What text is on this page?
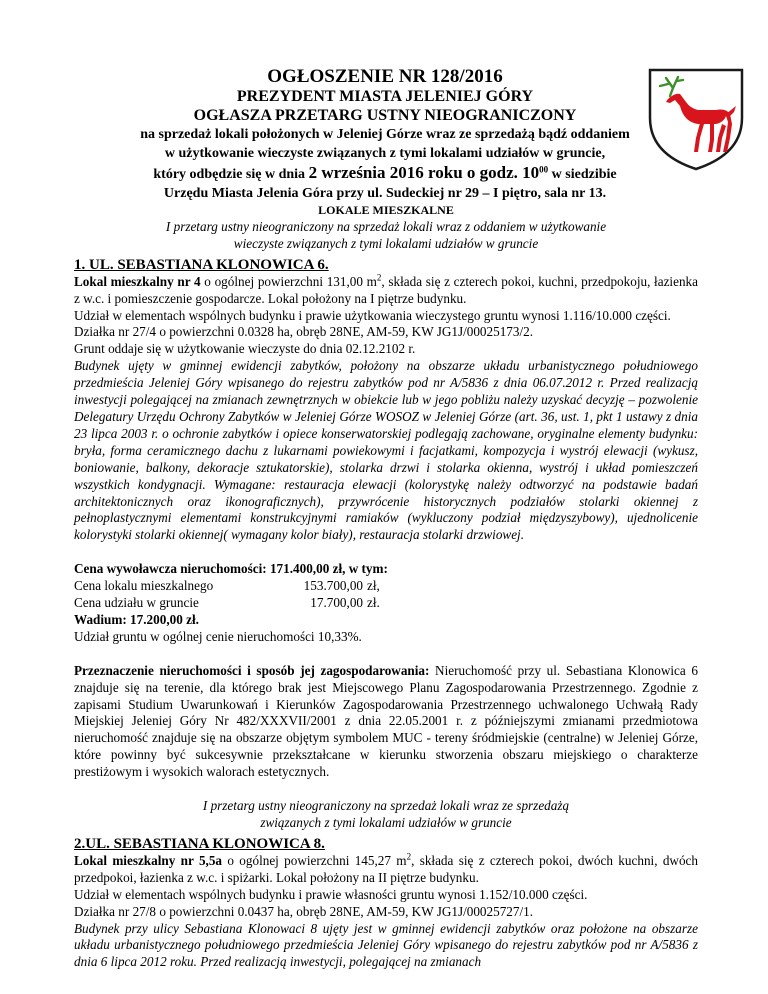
OGŁOSZENIE NR 128/2016

PREZYDENT MIASTA JELENIEJ GÓRY

OGŁASZA PRZETARG USTNY NIEOGRANICZONY

na sprzedaż lokali położonych w Jeleniej Górze wraz ze sprzedażą bądź oddaniem

w użytkowanie wieczyste związanych z tymi lokalami udziałów w gruncie,

który odbędzie się w dnia 2 września 2016 roku o godz. $10^{00}$ w siedzibie

Urzędu Miasta Jelenia Góra przy ul. Sudeckiej nr 29 – I piętro, sala nr 13.

LOKALE MIESZKALNE

I przetarg ustny nieograniczony na sprzedaż lokali wraz z oddaniem w użytkowanie wieczyste związanych z tymi lokalami udziałów w gruncie

1. UL. SEBASTIANA KLONOWICA 6.

Lokal mieszkalny nr 4 o ogólnej powierzchni 131,00 $m^2$, składa się z czterech pokoi, kuchni, przedpokoju, łazienka z w.c. i pomieszczenie gospodarcze. Lokal położony na I piętrze budynku.

Udział w elementach wspólnych budynku i prawie użytkowania wieczystego gruntu wynosi 1.116/10.000 części.

Działka nr 27/4 o powierzchni 0.0328 ha, obręb 28NE, AM-59, KW JG1J/00025173/2.

Grunt oddaje się w użytkowanie wieczyste do dnia 02.12.2102 r.

Budynek ujęty w gminnej ewidencji zabytków, położony na obszarze układu urbanistycznego południowego przedmieścia Jeleniej Góry wpisanego do rejestru zabytków pod nr A/5836 z dnia 06.07.2012 r. Przed realizacją inwestycji polegającej na zmianach zewnętrznych w obiekcie lub w jego pobliżu należy uzyskać decyzję – pozwolenie Delegatury Urzędu Ochrony Zabytków w Jeleniej Górze WOSOZ w Jeleniej Górze (art. 36, ust. 1, pkt 1 ustawy z dnia 23 lipca 2003 r. o ochronie zabytków i opiece konserwatorskiej podlegają zachowane, oryginalne elementy budynku: bryła, forma ceramicznego dachu z lukarnami powiekowymi i facjatkami, kompozycja i wystrój elewacji (wykusz, boniowanie, balkony, dekoracje sztukatorskie), stolarka drzwi i stolarka okienna, wystrój i układ pomieszczeń wszystkich kondygnacji. Wymagane: restauracja elewacji (kolorystykę należy odtworzyć na podstawie badań architektonicznych oraz ikonograficznych), przywrócenie historycznych podziałów stolarki okiennej z pełnoplastycznymi elementami konstrukcyjnymi ramiaków (wykluczony podział międzyszybowy), ujednolicenie kolorystyki stolarki okiennej( wymagany kolor biały), restauracja stolarki drzwiowej.

Cena wywoławcza nieruchomości: 171.400,00 zł, w tym:

Cena lokalu mieszkalnego	153.700,00 zł,
Cena udziału w gruncie	17.700,00 zł.

Wadium: 17.200,00 zł.

Udział gruntu w ogólnej cenie nieruchomości 10,33%.

Przeznaczenie nieruchomości i sposób jej zagospodarowania: Nieruchomość przy ul. Sebastiana Klonowica 6 znajduje się na terenie, dla którego brak jest Miejscowego Planu Zagospodarowania Przestrzennego. Zgodnie z zapisami Studium Uwarunkowań i Kierunków Zagospodarowania Przestrzennego uchwalonego Uchwałą Rady Miejskiej Jeleniej Góry Nr 482/XXXVII/2001 z dnia 22.05.2001 r. z późniejszymi zmianami przedmiotowa nieruchomość znajduje się na obszarze objętym symbolem MUC - tereny śródmiejskie (centralne) w Jeleniej Górze, które powinny być sukcesywnie przekształcane w kierunku stworzenia obszaru miejskiego o charakterze prestiżowym i wysokich walorach estetycznych.

I przetarg ustny nieograniczony na sprzedaż lokali wraz ze sprzedażą związanych z tymi lokalami udziałów w gruncie

2.UL. SEBASTIANA KLONOWICA 8.

Lokal mieszkalny nr 5,5a o ogólnej powierzchni 145,27 $m^2$, składa się z czterech pokoi, dwóch kuchni, dwóch przedpokoi, łazienka z w.c. i spiżarki. Lokal położony na II piętrze budynku.

Udział w elementach wspólnych budynku i prawie własności gruntu wynosi 1.152/10.000 części.

Działka nr 27/8 o powierzchni 0.0437 ha, obręb 28NE, AM-59, KW JG1J/00025727/1.

Budynek przy ulicy Sebastiana Klonowaci 8 ujęty jest w gminnej ewidencji zabytków oraz położone na obszarze układu urbanistycznego południowego przedmieścia Jeleniej Góry wpisanego do rejestru zabytków pod nr A/5836 z dnia 6 lipca 2012 roku. Przed realizacją inwestycji, polegającej na zmianach
